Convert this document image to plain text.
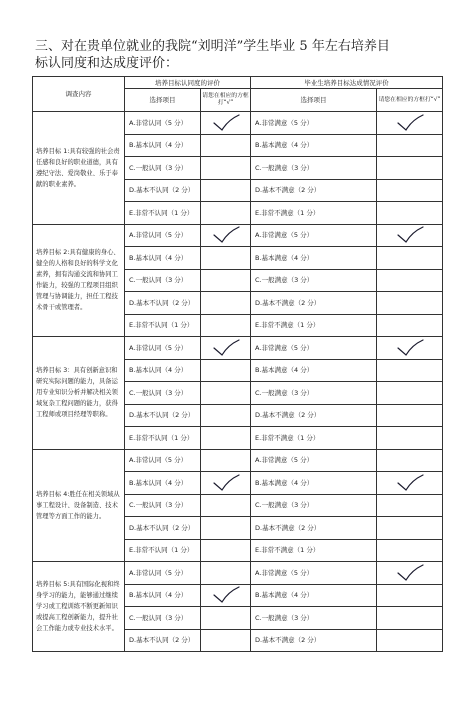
三、对在贵单位就业的我院“刘明洋”学生毕业 5 年左右培养目
标认同度和达成度评价：
调查内容	培养目标认同度的评价		毕业生培养目标达成情况评价	
	选择项目	请您在相应的方框打“√”	选择项目	请您在相应的方框打“√”

培养目标 1:具有较强的社会责任感和良好的职业道德，具有遵纪守法、爱岗敬业、乐于奉献的职业素养。	A.非常认同（5 分）		A.非常满意（5 分）	

	B.基本认同（4 分）		B.基本满意（4 分）	
	C.一般认同（3 分）		C.一般满意（3 分）	
	D.基本不认同（2 分）		D.基本不满意（2 分）	
	E.非常不认同（1 分）		E.非常不满意（1 分）	
培养目标 2:具有健康的身心、健全的人格和良好的科学文化素养，拥有沟通交流和协同工作能力，较强的工程项目组织管理与协调能力，担任工程技术骨干或管理者。	A.非常认同（5 分）		A.非常满意（5 分）	

	B.基本认同（4 分）		B.基本满意（4 分）	
	C.一般认同（3 分）		C.一般满意（3 分）	
	D.基本不认同（2 分）		D.基本不满意（2 分）	
	E.非常不认同（1 分）		E.非常不满意（1 分）	
培养目标 3：具有创新意识和研究实际问题的能力，具备运用专业知识分析并解决相关领域复杂工程问题的能力，获得工程师或项目经理等职称。	A.非常认同（5 分）		A.非常满意（5 分）	

	B.基本认同（4 分）		B.基本满意（4 分）	
	C.一般认同（3 分）		C.一般满意（3 分）	
	D.基本不认同（2 分）		D.基本不满意（2 分）	
	E.非常不认同（1 分）		E.非常不满意（1 分）	
培养目标 4:胜任在相关领域从事工程设计、设备制造、技术管理等方面工作的能力。	A.非常认同（5 分）		A.非常满意（5 分）	
	B.基本认同（4 分）		B.基本满意（4 分）	

	C.一般认同（3 分）		C.一般满意（3 分）	
	D.基本不认同（2 分）		D.基本不满意（2 分）	
	E.非常不认同（1 分）		E.非常不满意（1 分）	
培养目标 5:具有国际化视和终身学习的能力，能够通过继续学习或工程训练不断更新知识或提高工程创新能力，提升社会工作能力或专业技术水平。	A.非常认同（5 分）		A.非常满意（5 分）	

	B.基本认同（4 分）		B.基本满意（4 分）	
	C.一般认同（3 分）		C.一般满意（3 分）	
	D.基本不认同（2 分）		D.基本不满意（2 分）	
